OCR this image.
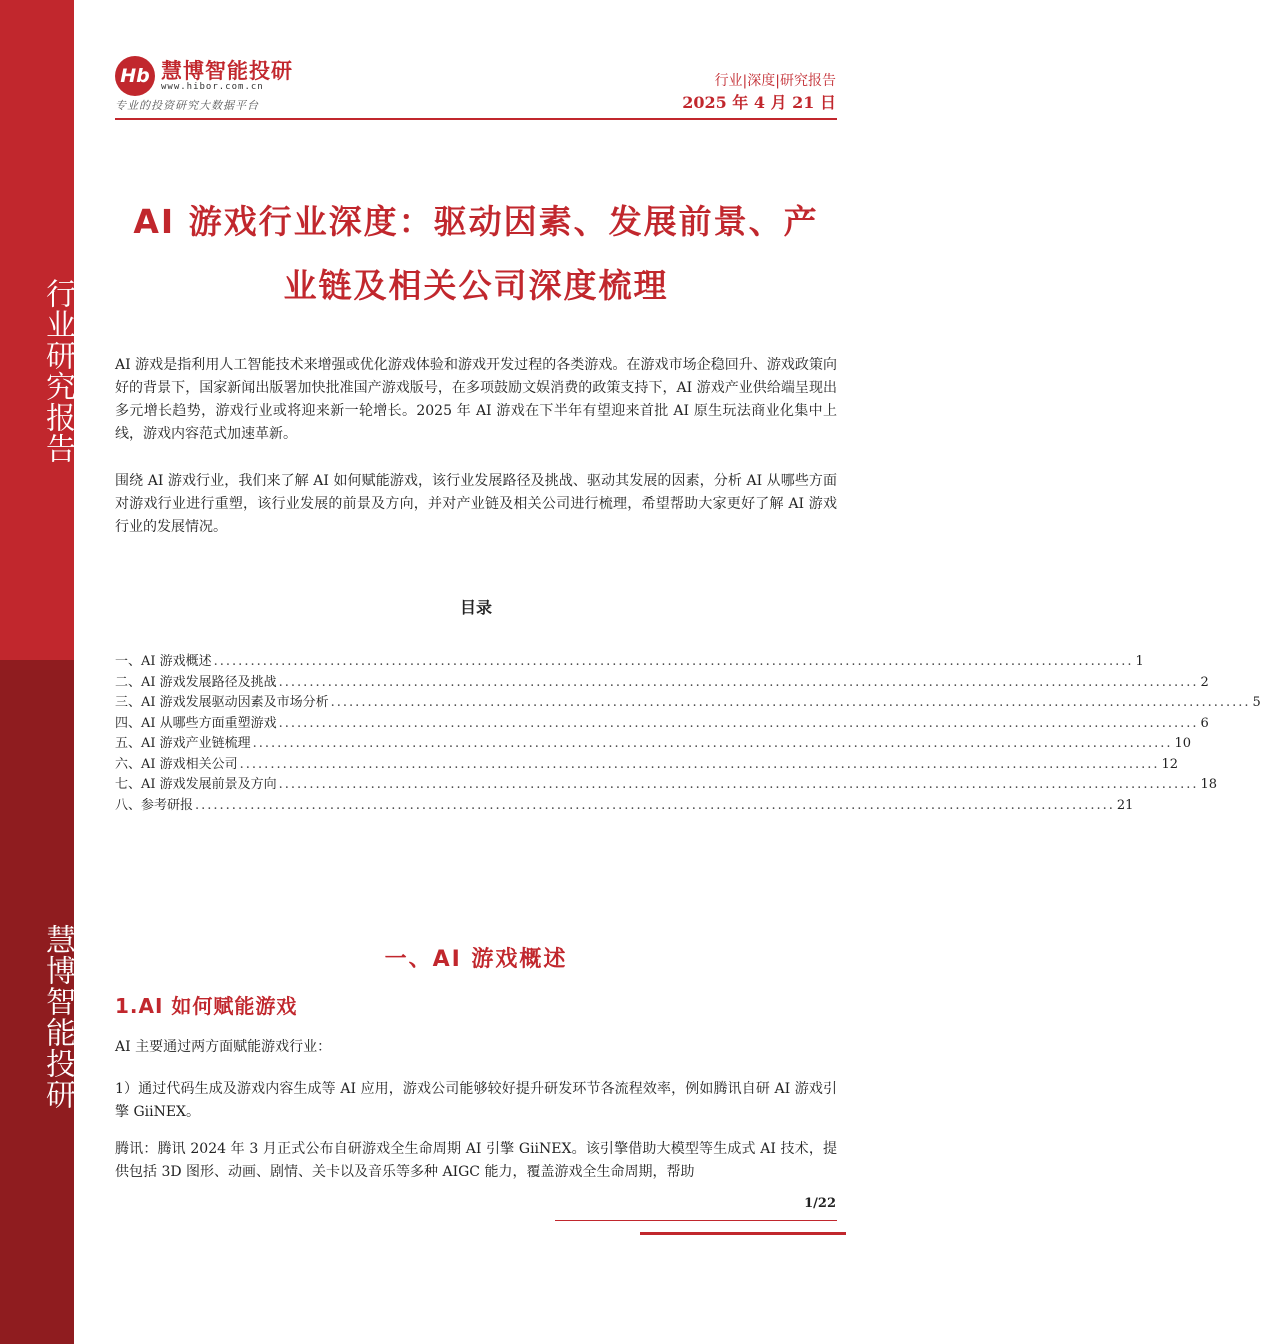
行业研究报告
慧博智能投研
Hb 慧博智能投研
www.hibor.com.cn
专业的投资研究大数据平台
行业|深度|研究报告
2025 年 4 月 21 日
AI 游戏行业深度：驱动因素、发展前景、产
业链及相关公司深度梳理
AI 游戏是指利用人工智能技术来增强或优化游戏体验和游戏开发过程的各类游戏。在游戏市场企稳回升、游戏政策向好的背景下，国家新闻出版署加快批准国产游戏版号，在多项鼓励文娱消费的政策支持下，AI 游戏产业供给端呈现出多元增长趋势，游戏行业或将迎来新一轮增长。2025 年 AI 游戏在下半年有望迎来首批 AI 原生玩法商业化集中上线，游戏内容范式加速革新。
围绕 AI 游戏行业，我们来了解 AI 如何赋能游戏，该行业发展路径及挑战、驱动其发展的因素，分析 AI 从哪些方面对游戏行业进行重塑，该行业发展的前景及方向，并对产业链及相关公司进行梳理，希望帮助大家更好了解 AI 游戏行业的发展情况。
目录
一、AI 游戏概述 ...................................................................................................................................................... 1
二、AI 游戏发展路径及挑战 ...................................................................................................................................................... 2
三、AI 游戏发展驱动因素及市场分析 ...................................................................................................................................................... 5
四、AI 从哪些方面重塑游戏 ...................................................................................................................................................... 6
五、AI 游戏产业链梳理 ...................................................................................................................................................... 10
六、AI 游戏相关公司 ...................................................................................................................................................... 12
七、AI 游戏发展前景及方向 ...................................................................................................................................................... 18
八、参考研报 ...................................................................................................................................................... 21
一、AI 游戏概述
1.AI 如何赋能游戏
AI 主要通过两方面赋能游戏行业：
1）通过代码生成及游戏内容生成等 AI 应用，游戏公司能够较好提升研发环节各流程效率，例如腾讯自研 AI 游戏引擎 GiiNEX。
腾讯：腾讯 2024 年 3 月正式公布自研游戏全生命周期 AI 引擎 GiiNEX。该引擎借助大模型等生成式 AI 技术，提供包括 3D 图形、动画、剧情、关卡以及音乐等多种 AIGC 能力，覆盖游戏全生命周期，帮助
1/22
